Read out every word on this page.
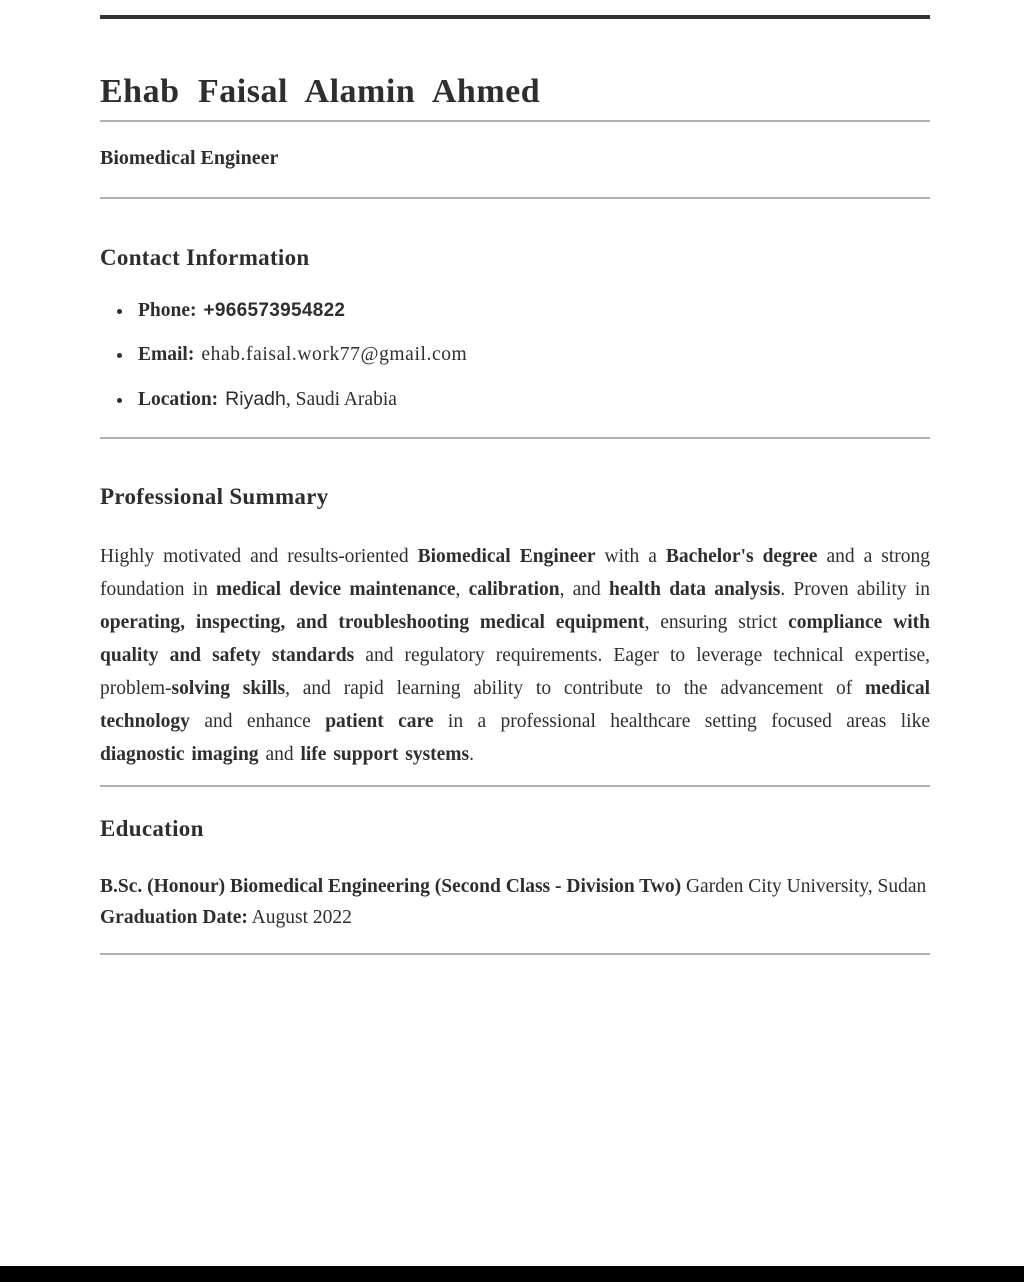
Ehab Faisal Alamin Ahmed
Biomedical Engineer
Contact Information
• Phone: +966573954822
• Email: ehab.faisal.work77@gmail.com
• Location: Riyadh, Saudi Arabia
Professional Summary

Highly motivated and results-oriented Biomedical Engineer with a Bachelor's degree and a strong foundation in medical device maintenance, calibration, and health data analysis. Proven ability in operating, inspecting, and troubleshooting medical equipment, ensuring strict compliance with quality and safety standards and regulatory requirements. Eager to leverage technical expertise, problem-solving skills, and rapid learning ability to contribute to the advancement of medical technology and enhance patient care in a professional healthcare setting focused areas like diagnostic imaging and life support systems.

Education

B.Sc. (Honour) Biomedical Engineering (Second Class - Division Two) Garden City University, Sudan Graduation Date: August 2022
